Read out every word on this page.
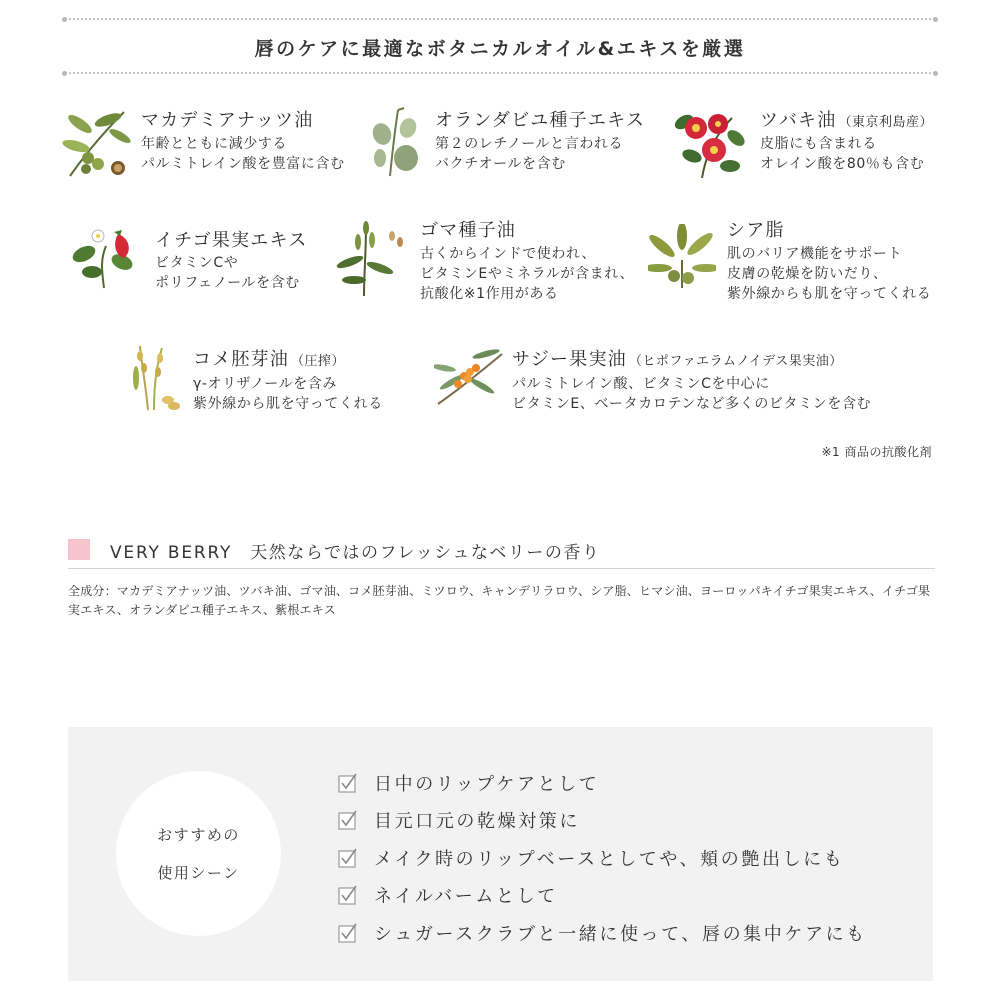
唇のケアに最適なボタニカルオイル&エキスを厳選
マカデミアナッツ油
年齢とともに減少する
パルミトレイン酸を豊富に含む
オランダビユ種子エキス
第２のレチノールと言われる
バクチオールを含む
ツバキ油 （東京利島産）
皮脂にも含まれる
オレイン酸を80％も含む
イチゴ果実エキス
ビタミンCや
ポリフェノールを含む
ゴマ種子油
古くからインドで使われ、
ビタミンEやミネラルが含まれ、
抗酸化※1作用がある
シア脂
肌のバリア機能をサポート
皮膚の乾燥を防いだり、
紫外線からも肌を守ってくれる
コメ胚芽油 （圧搾）
γ-オリザノールを含み
紫外線から肌を守ってくれる
サジー果実油 （ヒポファエラムノイデス果実油）
パルミトレイン酸、ビタミンCを中心に
ビタミンE、ベータカロテンなど多くのビタミンを含む
※1 商品の抗酸化剤
VERY BERRY 天然ならではのフレッシュなベリーの香り

全成分：マカデミアナッツ油、ツバキ油、ゴマ油、コメ胚芽油、ミツロウ、キャンデリラロウ、シア脂、ヒマシ油、ヨーロッパキイチゴ果実エキス、イチゴ果実エキス、オランダビユ種子エキス、紫根エキス

おすすめの
使用シーン
日中のリップケアとして
目元口元の乾燥対策に
メイク時のリップベースとしてや、頬の艶出しにも
ネイルバームとして
シュガースクラブと一緒に使って、唇の集中ケアにも
